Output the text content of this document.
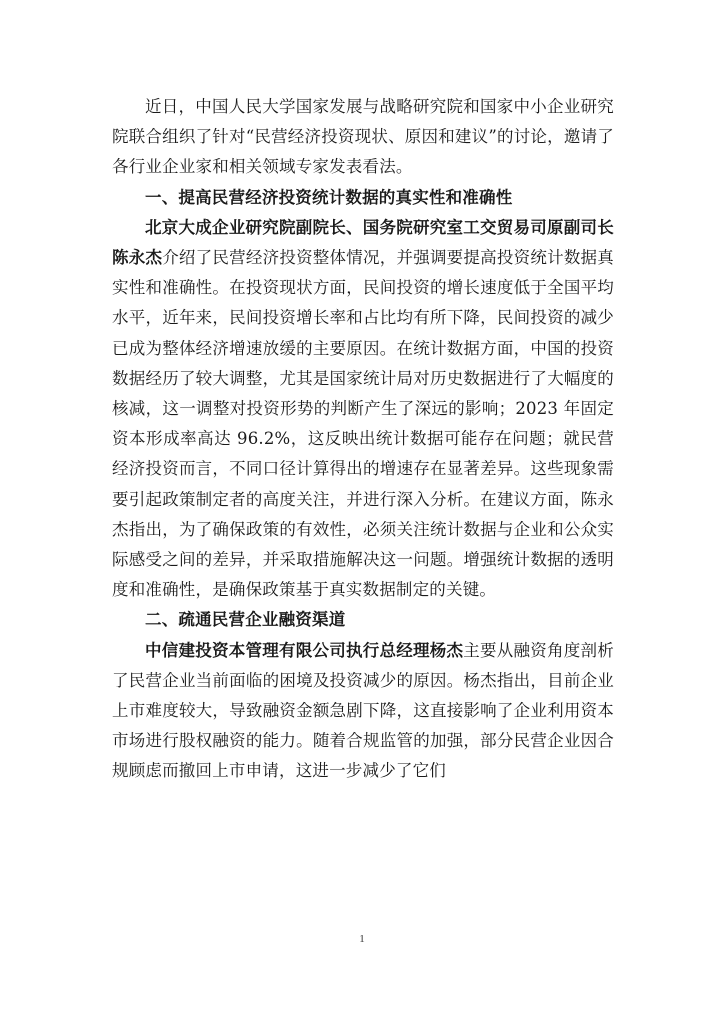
近日，中国人民大学国家发展与战略研究院和国家中小企业研究院联合组织了针对“民营经济投资现状、原因和建议”的讨论，邀请了各行业企业家和相关领域专家发表看法。

一、提高民营经济投资统计数据的真实性和准确性

北京大成企业研究院副院长、国务院研究室工交贸易司原副司长陈永杰介绍了民营经济投资整体情况，并强调要提高投资统计数据真实性和准确性。在投资现状方面，民间投资的增长速度低于全国平均水平，近年来，民间投资增长率和占比均有所下降，民间投资的减少已成为整体经济增速放缓的主要原因。在统计数据方面，中国的投资数据经历了较大调整，尤其是国家统计局对历史数据进行了大幅度的核减，这一调整对投资形势的判断产生了深远的影响；2023 年固定资本形成率高达 96.2%，这反映出统计数据可能存在问题；就民营经济投资而言，不同口径计算得出的增速存在显著差异。这些现象需要引起政策制定者的高度关注，并进行深入分析。在建议方面，陈永杰指出，为了确保政策的有效性，必须关注统计数据与企业和公众实际感受之间的差异，并采取措施解决这一问题。增强统计数据的透明度和准确性，是确保政策基于真实数据制定的关键。

二、疏通民营企业融资渠道

中信建投资本管理有限公司执行总经理杨杰主要从融资角度剖析了民营企业当前面临的困境及投资减少的原因。杨杰指出，目前企业上市难度较大，导致融资金额急剧下降，这直接影响了企业利用资本市场进行股权融资的能力。随着合规监管的加强，部分民营企业因合规顾虑而撤回上市申请，这进一步减少了它们

1
